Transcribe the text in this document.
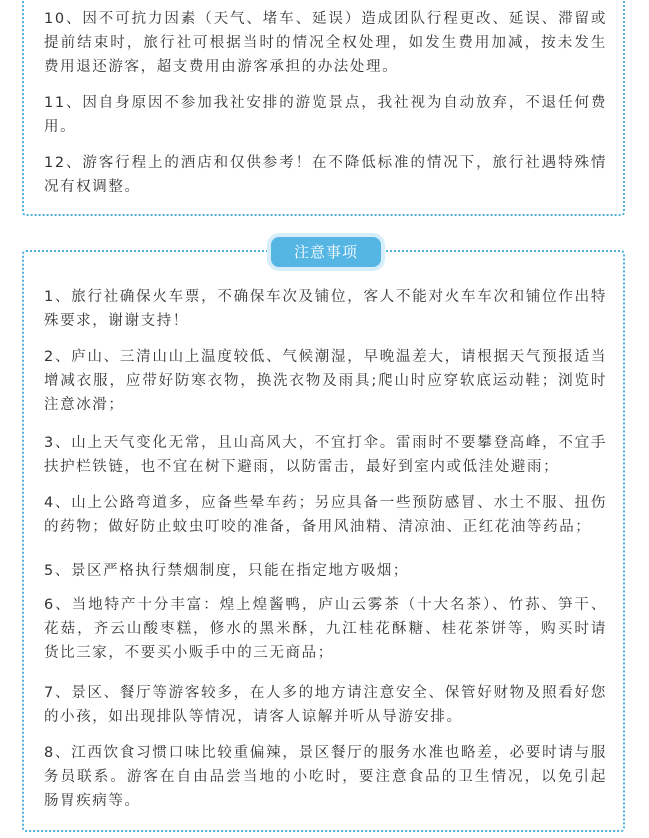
10、因不可抗力因素（天气、堵车、延误）造成团队行程更改、延误、滞留或提前结束时，旅行社可根据当时的情况全权处理，如发生费用加减，按未发生费用退还游客，超支费用由游客承担的办法处理。

11、因自身原因不参加我社安排的游览景点，我社视为自动放弃，不退任何费用。

12、游客行程上的酒店和仅供参考！在不降低标准的情况下，旅行社遇特殊情况有权调整。

注意事项

1、旅行社确保火车票，不确保车次及铺位，客人不能对火车车次和铺位作出特殊要求，谢谢支持！

2、庐山、三清山山上温度较低、气候潮湿，早晚温差大，请根据天气预报适当增减衣服，应带好防寒衣物，换洗衣物及雨具;爬山时应穿软底运动鞋；浏览时注意冰滑；

3、山上天气变化无常，且山高风大，不宜打伞。雷雨时不要攀登高峰，不宜手扶护栏铁链，也不宜在树下避雨，以防雷击，最好到室内或低洼处避雨；

4、山上公路弯道多，应备些晕车药；另应具备一些预防感冒、水土不服、扭伤的药物；做好防止蚊虫叮咬的准备，备用风油精、清凉油、正红花油等药品；

5、景区严格执行禁烟制度，只能在指定地方吸烟；

6、当地特产十分丰富：煌上煌酱鸭，庐山云雾茶（十大名茶）、竹荪、笋干、花菇，齐云山酸枣糕，修水的黑米酥，九江桂花酥糖、桂花茶饼等，购买时请货比三家，不要买小贩手中的三无商品；

7、景区、餐厅等游客较多，在人多的地方请注意安全、保管好财物及照看好您的小孩，如出现排队等情况，请客人谅解并听从导游安排。

8、江西饮食习惯口味比较重偏辣，景区餐厅的服务水准也略差，必要时请与服务员联系。游客在自由品尝当地的小吃时，要注意食品的卫生情况，以免引起肠胃疾病等。
